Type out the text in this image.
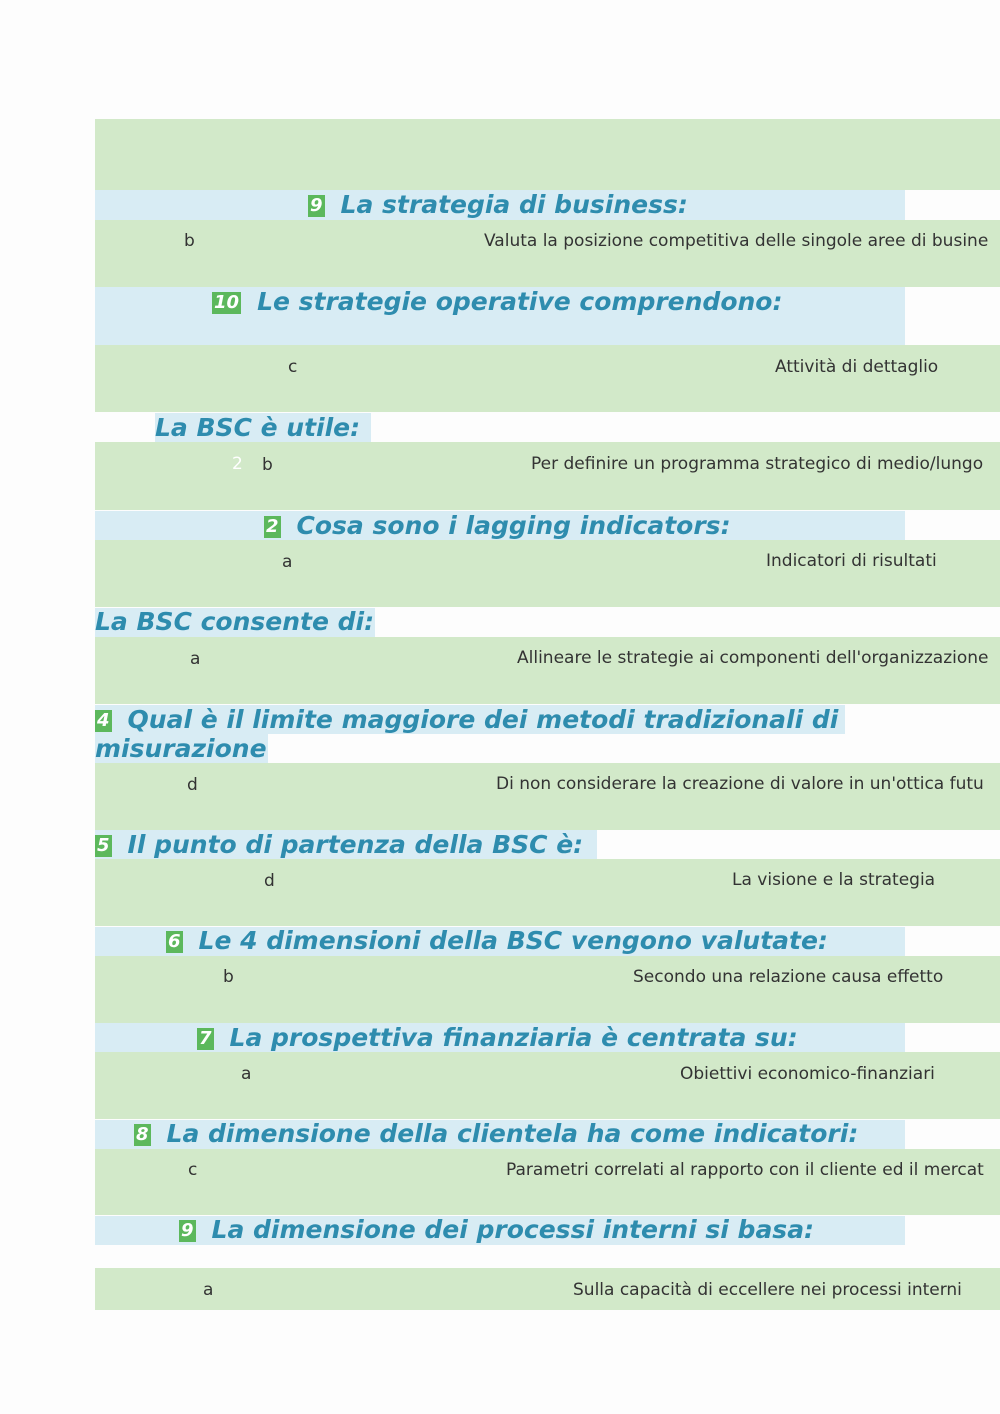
9 La strategia di business:
b	Valuta la posizione competitiva delle singole aree di busine
10 Le strategie operative comprendono:
c	Attività di dettaglio
La BSC è utile:
2 b	Per definire un programma strategico di medio/lungo
2 Cosa sono i lagging indicators:
a	Indicatori di risultati
La BSC consente di:
a	Allineare le strategie ai componenti dell'organizzazione
4 Qual è il limite maggiore dei metodi tradizionali di misurazione
d	Di non considerare la creazione di valore in un'ottica futu
5 Il punto di partenza della BSC è:
d	La visione e la strategia
6 Le 4 dimensioni della BSC vengono valutate:
b	Secondo una relazione causa effetto
7 La prospettiva finanziaria è centrata su:
a	Obiettivi economico-finanziari
8 La dimensione della clientela ha come indicatori:
c	Parametri correlati al rapporto con il cliente ed il mercat
9 La dimensione dei processi interni si basa:
a	Sulla capacità di eccellere nei processi interni
